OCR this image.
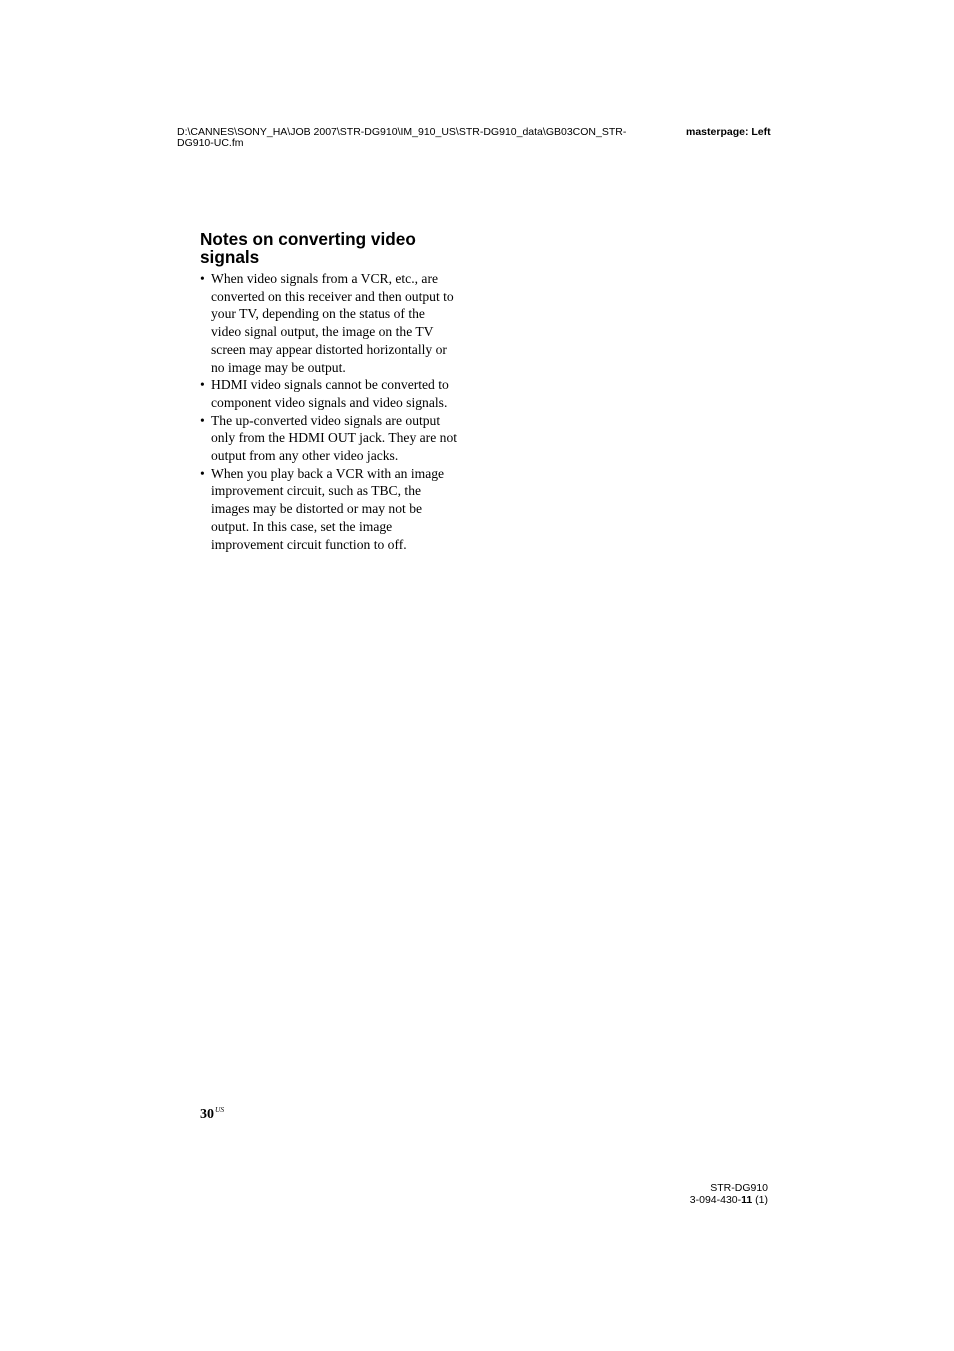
D:\CANNES\SONY_HA\JOB 2007\STR-DG910\IM_910_US\STR-DG910_data\GB03CON_STR-
DG910-UC.fm
masterpage: Left
Notes on converting video
signals
• When video signals from a VCR, etc., are
converted on this receiver and then output to
your TV, depending on the status of the
video signal output, the image on the TV
screen may appear distorted horizontally or
no image may be output.
• HDMI video signals cannot be converted to
component video signals and video signals.
• The up-converted video signals are output
only from the HDMI OUT jack. They are not
output from any other video jacks.
• When you play back a VCR with an image
improvement circuit, such as TBC, the
images may be distorted or may not be
output. In this case, set the image
improvement circuit function to off.
$30^{US}$
STR-DG910
3-094-430-11 (1)
